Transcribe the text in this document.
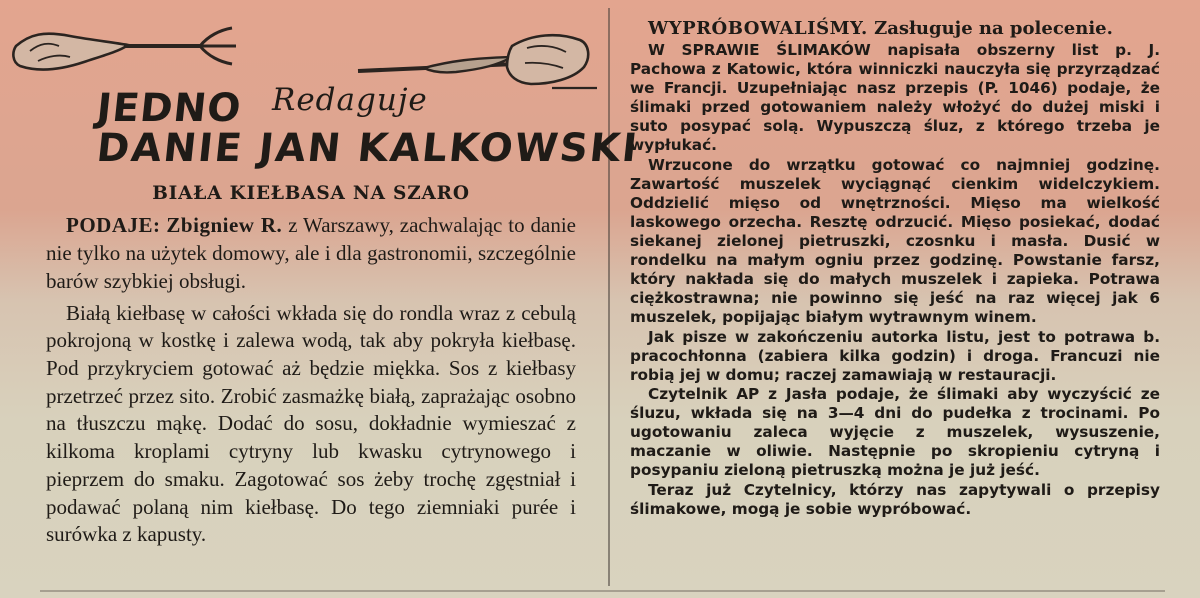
JEDNO Redaguje

DANIE JAN KALKOWSKI

BIAŁA KIEŁBASA NA SZARO

PODAJE: Zbigniew R. z Warszawy, zachwalając to danie nie tylko na użytek domowy, ale i dla gastronomii, szczególnie barów szybkiej obsługi.

Białą kiełbasę w całości wkłada się do rondla wraz z cebulą pokrojoną w kostkę i zalewa wodą, tak aby pokryła kiełbasę. Pod przykryciem gotować aż będzie miękka. Sos z kiełbasy przetrzeć przez sito. Zrobić zasmażkę białą, zaprażając osobno na tłuszczu mąkę. Dodać do sosu, dokładnie wymieszać z kilkoma kroplami cytryny lub kwasku cytrynowego i pieprzem do smaku. Zagotować sos żeby trochę zgęstniał i podawać polaną nim kiełbasę. Do tego ziemniaki purée i surówka z kapusty.

WYPRÓBOWALIŚMY. Zasługuje na polecenie.

W SPRAWIE ŚLIMAKÓW napisała obszerny list p. J. Pachowa z Katowic, która winniczki nauczyła się przyrządzać we Francji. Uzupełniając nasz przepis (P. 1046) podaje, że ślimaki przed gotowaniem należy włożyć do dużej miski i suto posypać solą. Wypuszczą śluz, z którego trzeba je wypłukać.

Wrzucone do wrzątku gotować co najmniej godzinę. Zawartość muszelek wyciągnąć cienkim widelczykiem. Oddzielić mięso od wnętrzności. Mięso ma wielkość laskowego orzecha. Resztę odrzucić. Mięso posiekać, dodać siekanej zielonej pietruszki, czosnku i masła. Dusić w rondelku na małym ogniu przez godzinę. Powstanie farsz, który nakłada się do małych muszelek i zapieka. Potrawa ciężkostrawna; nie powinno się jeść na raz więcej jak 6 muszelek, popijając białym wytrawnym winem.

Jak pisze w zakończeniu autorka listu, jest to potrawa b. pracochłonna (zabiera kilka godzin) i droga. Francuzi nie robią jej w domu; raczej zamawiają w restauracji.

Czytelnik AP z Jasła podaje, że ślimaki aby wyczyścić ze śluzu, wkłada się na 3—4 dni do pudełka z trocinami. Po ugotowaniu zaleca wyjęcie z muszelek, wysuszenie, maczanie w oliwie. Następnie po skropieniu cytryną i posypaniu zieloną pietruszką można je już jeść.

Teraz już Czytelnicy, którzy nas zapytywali o przepisy ślimakowe, mogą je sobie wypróbować.
